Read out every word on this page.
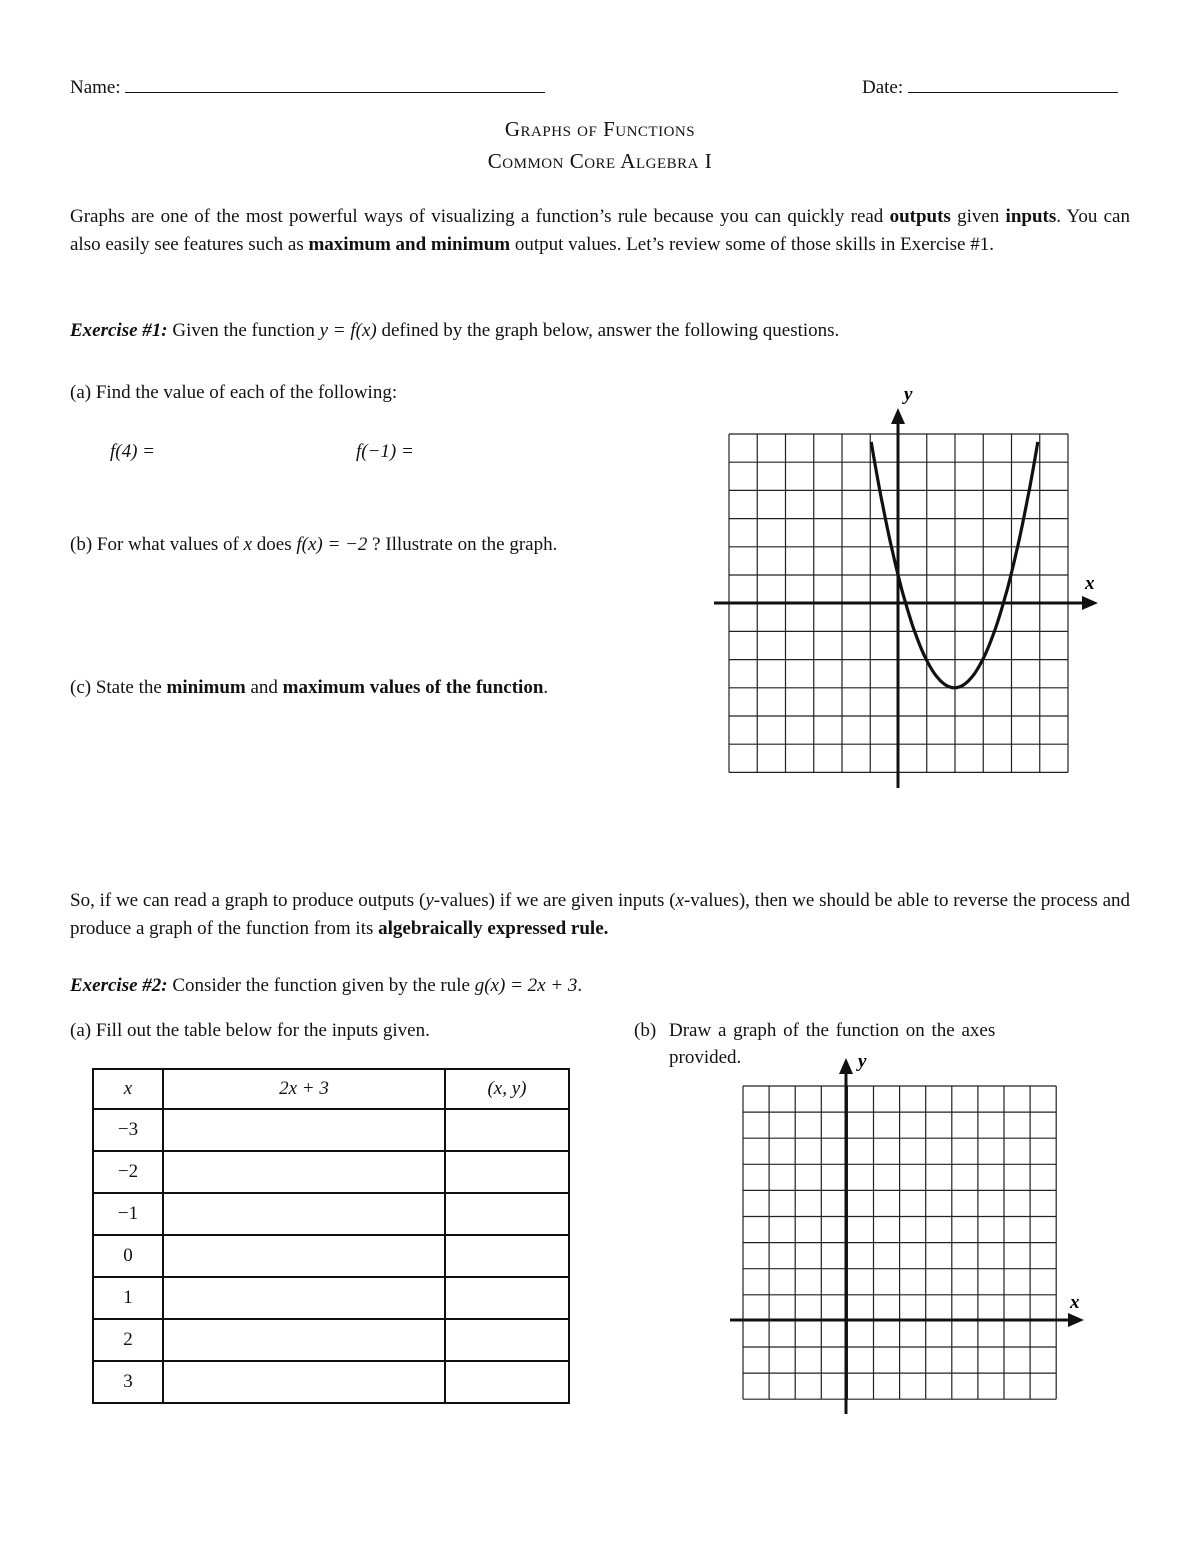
Name:	Date:
Graphs of Functions
Common Core Algebra I
Graphs are one of the most powerful ways of visualizing a function’s rule because you can quickly read outputs given inputs. You can also easily see features such as maximum and minimum output values. Let’s review some of those skills in Exercise #1.
Exercise #1: Given the function y = f(x) defined by the graph below, answer the following questions.
(a) Find the value of each of the following:
f(4) =	f(−1) =
(b) For what values of x does f(x) = −2 ? Illustrate on the graph.
(c) State the minimum and maximum values of the function.
x
y
So, if we can read a graph to produce outputs (y-values) if we are given inputs (x-values), then we should be able to reverse the process and produce a graph of the function from its algebraically expressed rule.
Exercise #2: Consider the function given by the rule g(x) = 2x + 3.
(a) Fill out the table below for the inputs given.	(b) Draw a graph of the function on the axes
provided.
x	2x + 3	(x, y)
−3		
−2		
−1		
0		
1		
2		
3		
x
y
